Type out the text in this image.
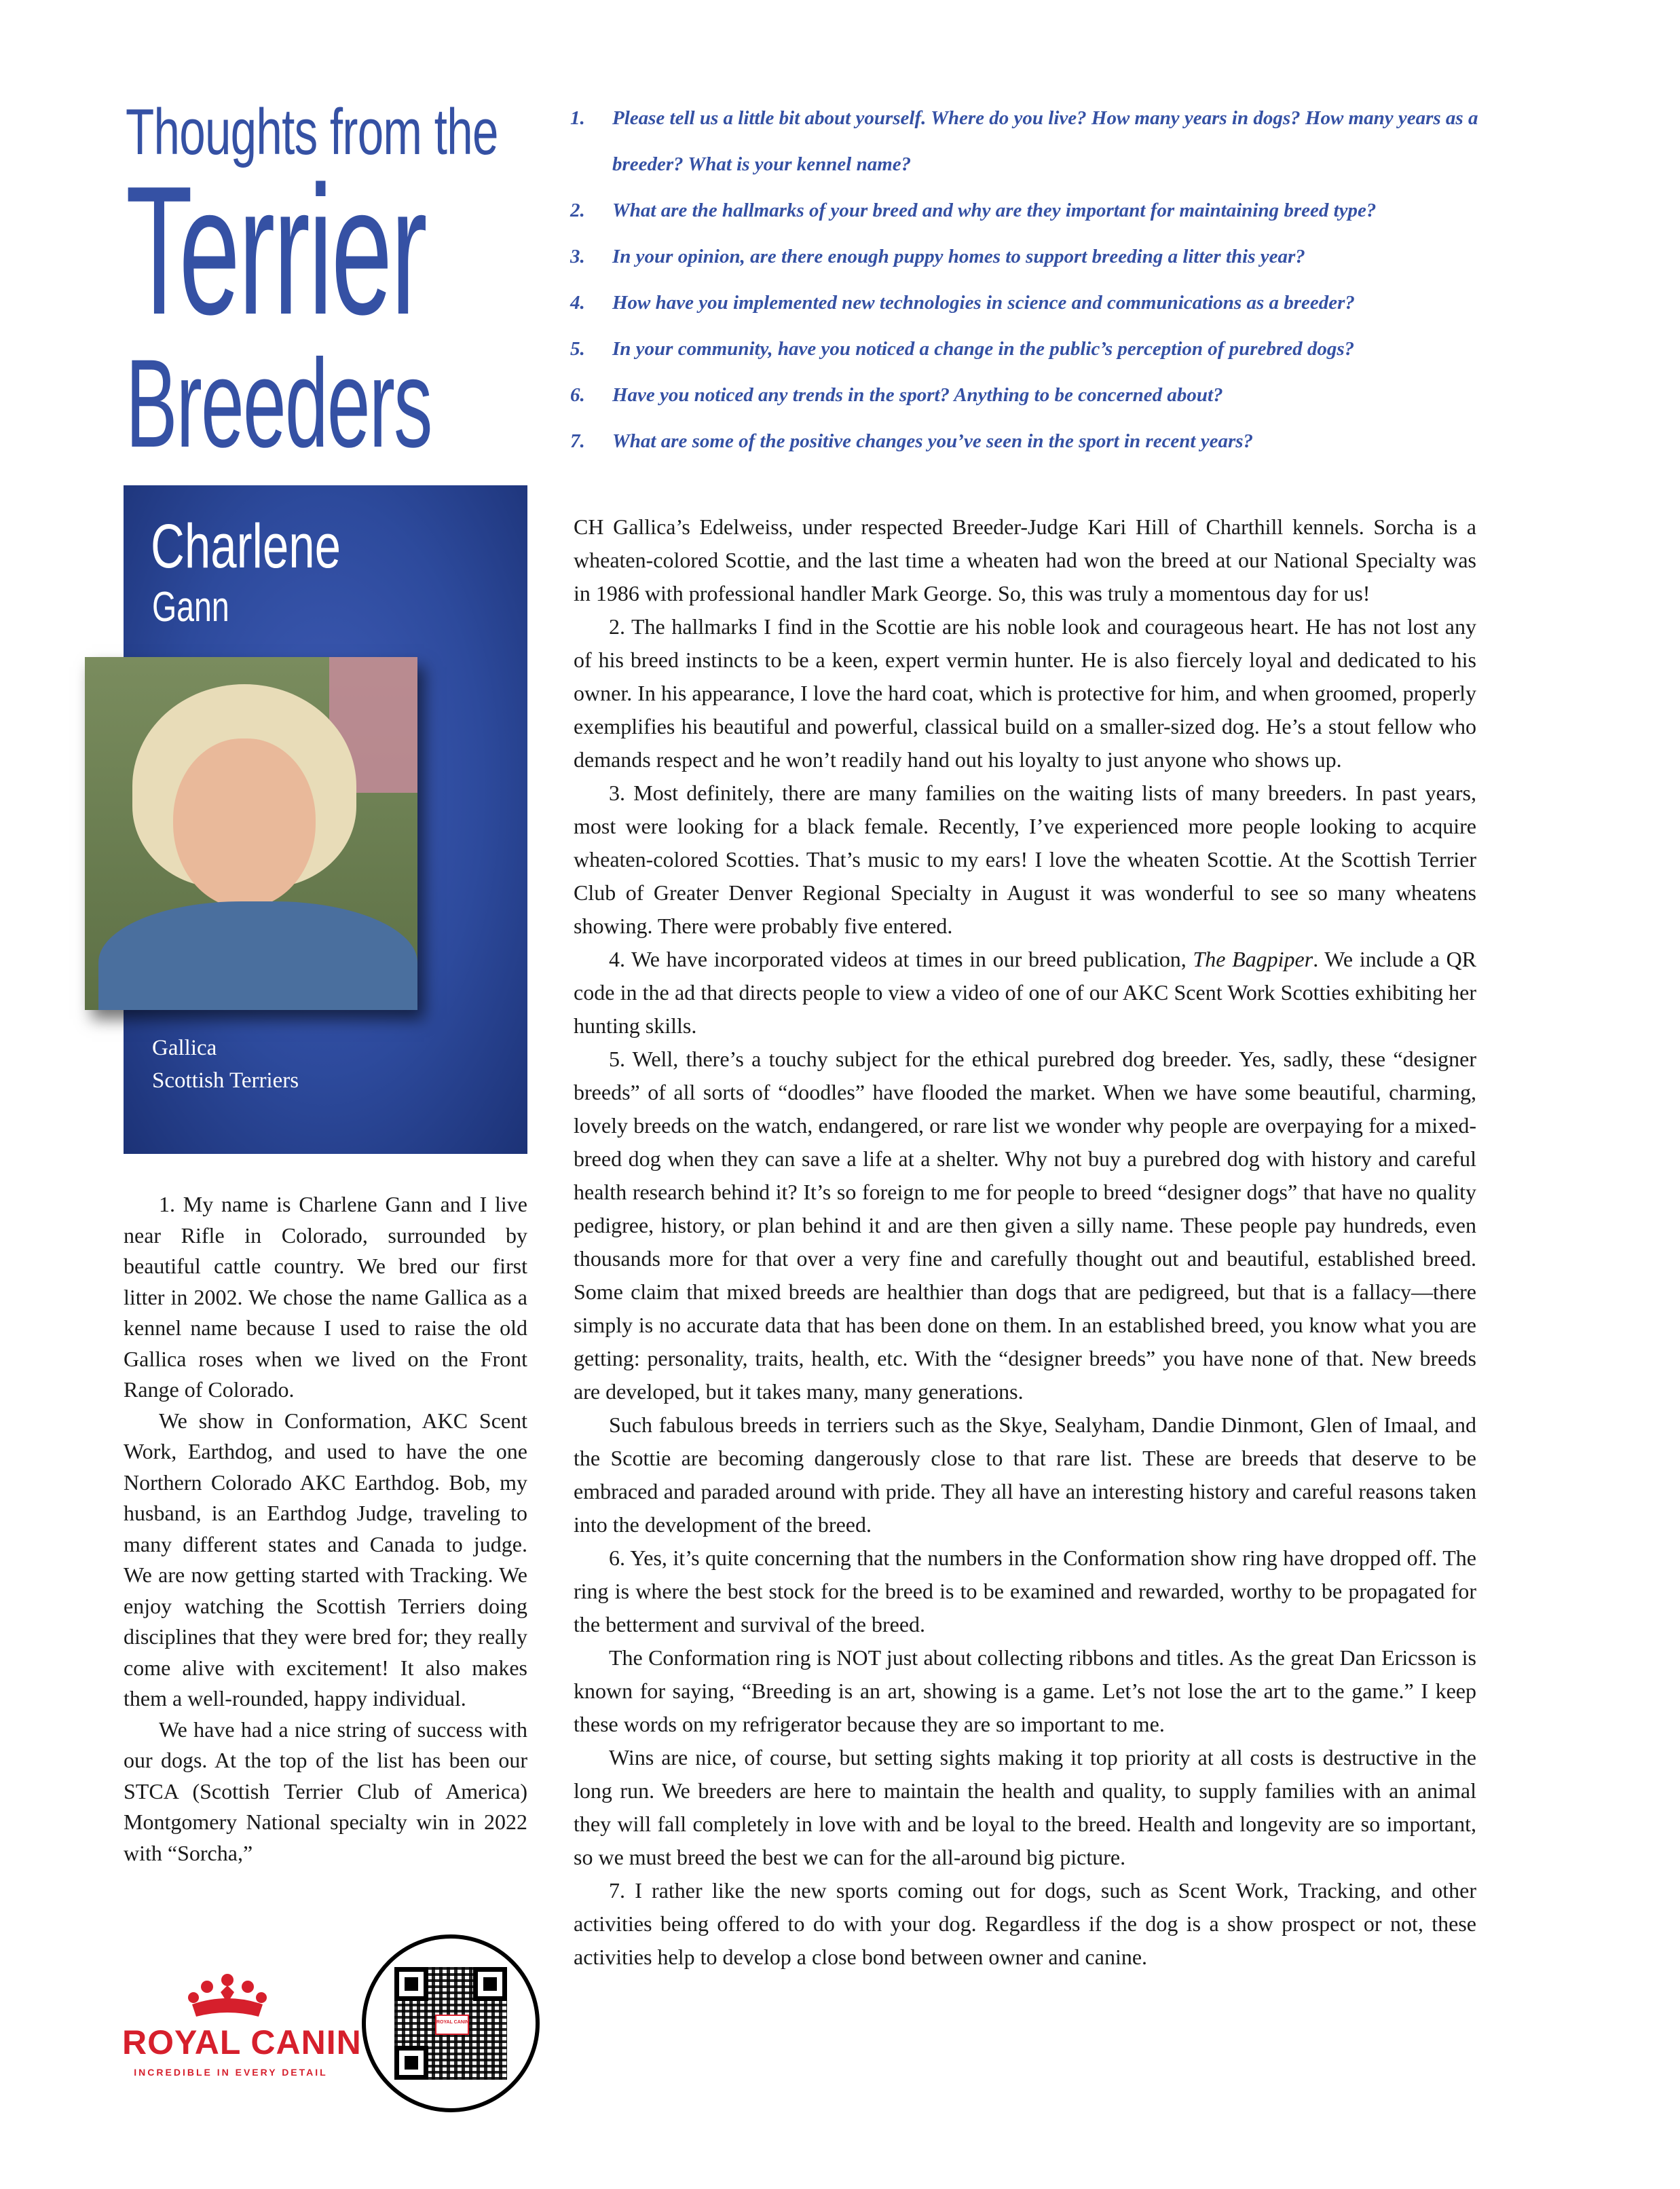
Thoughts from the
Terrier
Breeders
1. Please tell us a little bit about yourself. Where do you live? How many years in dogs? How many years as a breeder? What is your kennel name?
2. What are the hallmarks of your breed and why are they important for maintaining breed type?
3. In your opinion, are there enough puppy homes to support breeding a litter this year?
4. How have you implemented new technologies in science and communications as a breeder?
5. In your community, have you noticed a change in the public’s perception of purebred dogs?
6. Have you noticed any trends in the sport? Anything to be concerned about?
7. What are some of the positive changes you’ve seen in the sport in recent years?
Charlene
Gann
Gallica
Scottish Terriers

1. My name is Charlene Gann and I live near Rifle in Colorado, surrounded by beautiful cattle country. We bred our first litter in 2002. We chose the name Gallica as a kennel name because I used to raise the old Gallica roses when we lived on the Front Range of Colorado.

We show in Conformation, AKC Scent Work, Earthdog, and used to have the one Northern Colorado AKC Earthdog. Bob, my husband, is an Earthdog Judge, traveling to many different states and Canada to judge. We are now getting started with Tracking. We enjoy watching the Scottish Terriers doing disciplines that they were bred for; they really come alive with excitement! It also makes them a well-rounded, happy individual.

We have had a nice string of success with our dogs. At the top of the list has been our STCA (Scottish Terrier Club of America) Montgomery National specialty win in 2022 with “Sorcha,”

CH Gallica’s Edelweiss, under respected Breeder-Judge Kari Hill of Charthill kennels. Sorcha is a wheaten-colored Scottie, and the last time a wheaten had won the breed at our National Specialty was in 1986 with professional handler Mark George. So, this was truly a momentous day for us!

2. The hallmarks I find in the Scottie are his noble look and courageous heart. He has not lost any of his breed instincts to be a keen, expert vermin hunter. He is also fiercely loyal and dedicated to his owner. In his appearance, I love the hard coat, which is protective for him, and when groomed, properly exemplifies his beautiful and powerful, classical build on a smaller-sized dog. He’s a stout fellow who demands respect and he won’t readily hand out his loyalty to just anyone who shows up.

3. Most definitely, there are many families on the waiting lists of many breeders. In past years, most were looking for a black female. Recently, I’ve experienced more people looking to acquire wheaten-colored Scotties. That’s music to my ears! I love the wheaten Scottie. At the Scottish Terrier Club of Greater Denver Regional Specialty in August it was wonderful to see so many wheatens showing. There were probably five entered.

4. We have incorporated videos at times in our breed publication, The Bagpiper. We include a QR code in the ad that directs people to view a video of one of our AKC Scent Work Scotties exhibiting her hunting skills.

5. Well, there’s a touchy subject for the ethical purebred dog breeder. Yes, sadly, these “designer breeds” of all sorts of “doodles” have flooded the market. When we have some beautiful, charming, lovely breeds on the watch, endangered, or rare list we wonder why people are overpaying for a mixed-breed dog when they can save a life at a shelter. Why not buy a purebred dog with history and careful health research behind it? It’s so foreign to me for people to breed “designer dogs” that have no quality pedigree, history, or plan behind it and are then given a silly name. These people pay hundreds, even thousands more for that over a very fine and carefully thought out and beautiful, established breed. Some claim that mixed breeds are healthier than dogs that are pedigreed, but that is a fallacy—there simply is no accurate data that has been done on them. In an established breed, you know what you are getting: personality, traits, health, etc. With the “designer breeds” you have none of that. New breeds are developed, but it takes many, many generations.

Such fabulous breeds in terriers such as the Skye, Sealyham, Dandie Dinmont, Glen of Imaal, and the Scottie are becoming dangerously close to that rare list. These are breeds that deserve to be embraced and paraded around with pride. They all have an interesting history and careful reasons taken into the development of the breed.

6. Yes, it’s quite concerning that the numbers in the Conformation show ring have dropped off. The ring is where the best stock for the breed is to be examined and rewarded, worthy to be propagated for the betterment and survival of the breed.

The Conformation ring is NOT just about collecting ribbons and titles. As the great Dan Ericsson is known for saying, “Breeding is an art, showing is a game. Let’s not lose the art to the game.” I keep these words on my refrigerator because they are so important to me.

Wins are nice, of course, but setting sights making it top priority at all costs is destructive in the long run. We breeders are here to maintain the health and quality, to supply families with an animal they will fall completely in love with and be loyal to the breed. Health and longevity are so important, so we must breed the best we can for the all-around big picture.

7. I rather like the new sports coming out for dogs, such as Scent Work, Tracking, and other activities being offered to do with your dog. Regardless if the dog is a show prospect or not, these activities help to develop a close bond between owner and canine.

ROYAL CANIN
INCREDIBLE IN EVERY DETAIL
ROYAL CANIN
